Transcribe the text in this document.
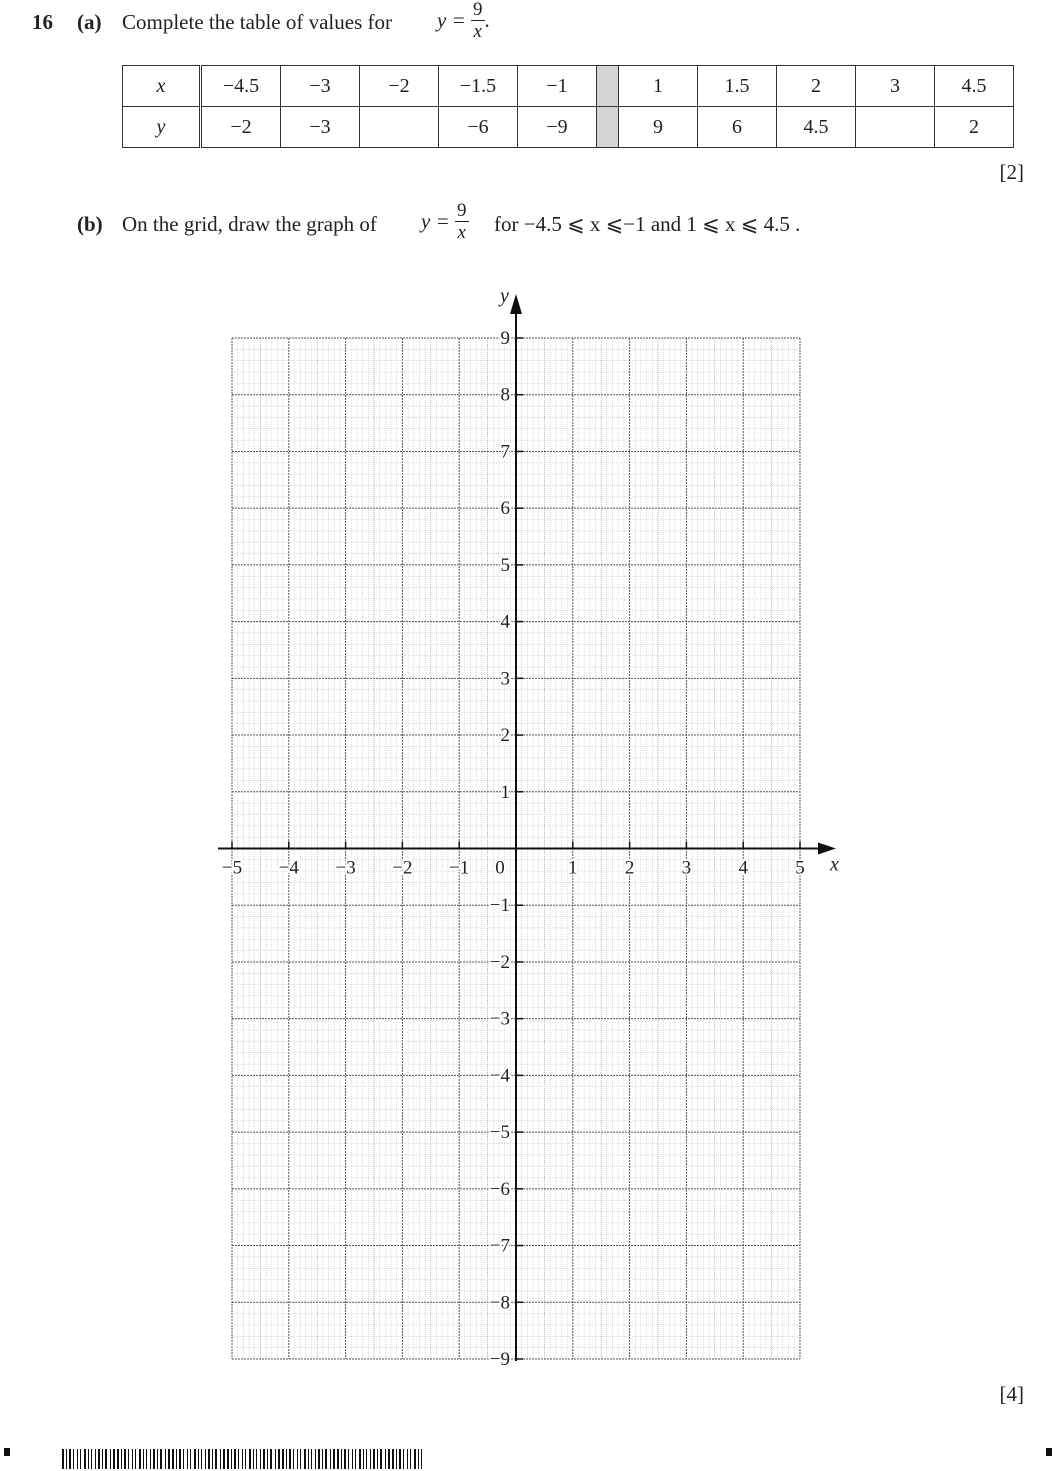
16 (a) Complete the table of values for $y = \frac{9}{x}$ .
x	−4.5	−3	−2	−1.5	−1		1	1.5	2	3	4.5
y	−2	−3		−6	−9		9	6	4.5		2
[2]
(b) On the grid, draw the graph of $y = \frac{9}{x}$ for −4.5 ⩽ x ⩽−1 and 1 ⩽ x ⩽ 4.5 .
x
y
−5 −4 −3 −2 −1	1 2 3 4 5
0
9
8
7
6
5
4
3
2
1
−1
−2
−3
−4
−5
−6
−7
−8
−9
[4]
